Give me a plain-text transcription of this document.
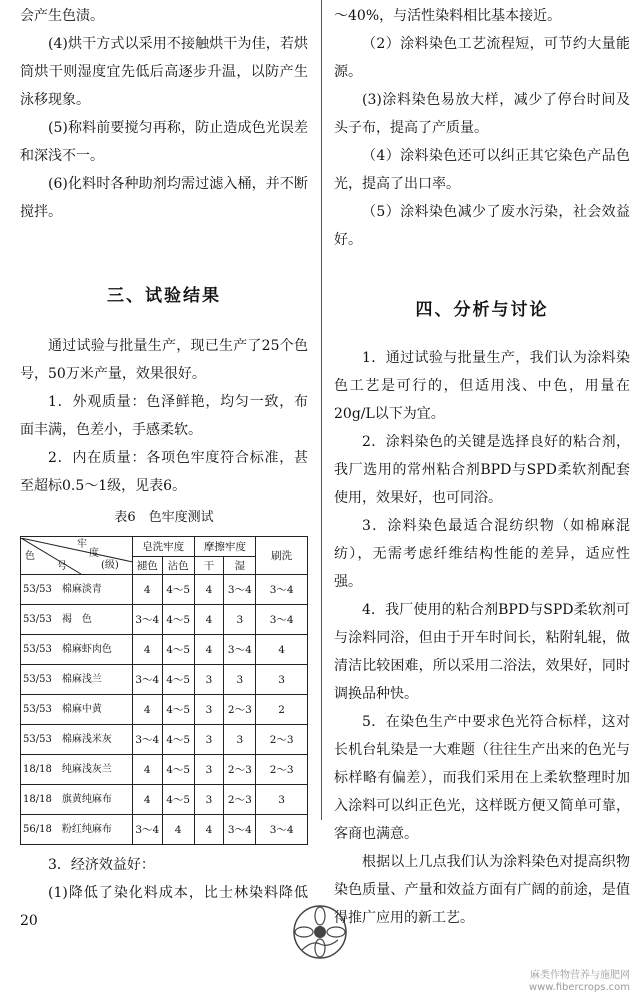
会产生色渍。

(4)烘干方式以采用不接触烘干为佳，若烘筒烘干则湿度宜先低后高逐步升温，以防产生泳移现象。

(5)称料前要搅匀再称，防止造成色光误差和深浅不一。

(6)化料时各种助剂均需过滤入桶，并不断搅拌。

三、试验结果

通过试验与批量生产，现已生产了25个色号，50万米产量，效果很好。

1．外观质量：色泽鲜艳，均匀一致，布面丰满，色差小，手感柔软。

2．内在质量：各项色牢度符合标准，甚至超标0.5～1级，见表6。

表6　色牢度测试
牢
度
(级)
色
号	皂洗牢度		摩擦牢度		刷洗
	褪色	沾色	干	湿	
53/53　棉麻淡青	4	4～5	4	3～4	3～4
53/53　褐　色	3～4	4～5	4	3	3～4
53/53　棉麻虾肉色	4	4～5	4	3～4	4
53/53　棉麻浅兰	3～4	4～5	3	3	3
53/53　棉麻中黄	4	4～5	3	2～3	2
53/53　棉麻浅米灰	3～4	4～5	3	3	2～3
18/18　纯麻浅灰兰	4	4～5	3	2～3	2～3
18/18　旗黄纯麻布	4	4～5	3	2～3	3
56/18　粉红纯麻布	3～4	4	4	3～4	3～4

3．经济效益好：

(1)降低了染化料成本，比士林染料降低20

～40%，与活性染料相比基本接近。

（2）涂料染色工艺流程短，可节约大量能源。

(3)涂料染色易放大样，减少了停台时间及头子布，提高了产质量。

（4）涂料染色还可以纠正其它染色产品色光，提高了出口率。

（5）涂料染色减少了废水污染，社会效益好。

四、分析与讨论

1．通过试验与批量生产，我们认为涂料染色工艺是可行的，但适用浅、中色，用量在20g/L以下为宜。

2．涂料染色的关键是选择良好的粘合剂，我厂选用的常州粘合剂BPD与SPD柔软剂配套使用，效果好，也可同浴。

3．涂料染色最适合混纺织物（如棉麻混纺），无需考虑纤维结构性能的差异，适应性强。

4．我厂使用的粘合剂BPD与SPD柔软剂可与涂料同浴，但由于开车时间长，粘附轧辊，做清洁比较困难，所以采用二浴法，效果好，同时调换品种快。

5．在染色生产中要求色光符合标样，这对长机台轧染是一大难题（往往生产出来的色光与标样略有偏差），而我们采用在上柔软整理时加入涂料可以纠正色光，这样既方便又简单可靠，客商也满意。

根据以上几点我们认为涂料染色对提高织物染色质量、产量和效益方面有广阔的前途，是值得推广应用的新工艺。

麻类作物营养与施肥网
www.fibercrops.com
